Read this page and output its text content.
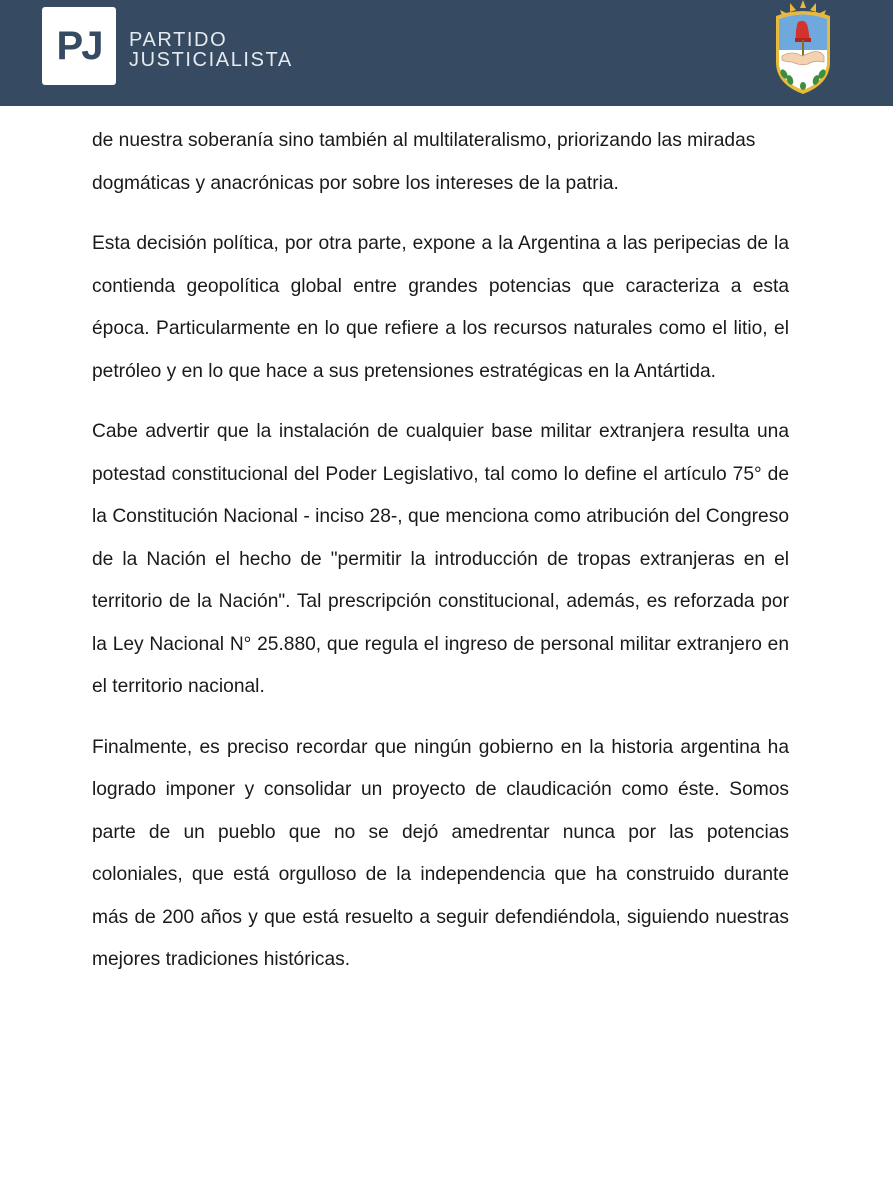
PJ	PARTIDO
JUSTICIALISTA

de nuestra soberanía sino también al multilateralismo, priorizando las miradas dogmáticas y anacrónicas por sobre los intereses de la patria.

Esta decisión política, por otra parte, expone a la Argentina a las peripecias de la contienda geopolítica global entre grandes potencias que caracteriza a esta época. Particularmente en lo que refiere a los recursos naturales como el litio, el petróleo y en lo que hace a sus pretensiones estratégicas en la Antártida.

Cabe advertir que la instalación de cualquier base militar extranjera resulta una potestad constitucional del Poder Legislativo, tal como lo define el artículo 75° de la Constitución Nacional - inciso 28-, que menciona como atribución del Congreso de la Nación el hecho de "permitir la introducción de tropas extranjeras en el territorio de la Nación". Tal prescripción constitucional, además, es reforzada por la Ley Nacional N° 25.880, que regula el ingreso de personal militar extranjero en el territorio nacional.

Finalmente, es preciso recordar que ningún gobierno en la historia argentina ha logrado imponer y consolidar un proyecto de claudicación como éste. Somos parte de un pueblo que no se dejó amedrentar nunca por las potencias coloniales, que está orgulloso de la independencia que ha construido durante más de 200 años y que está resuelto a seguir defendiéndola, siguiendo nuestras mejores tradiciones históricas.
